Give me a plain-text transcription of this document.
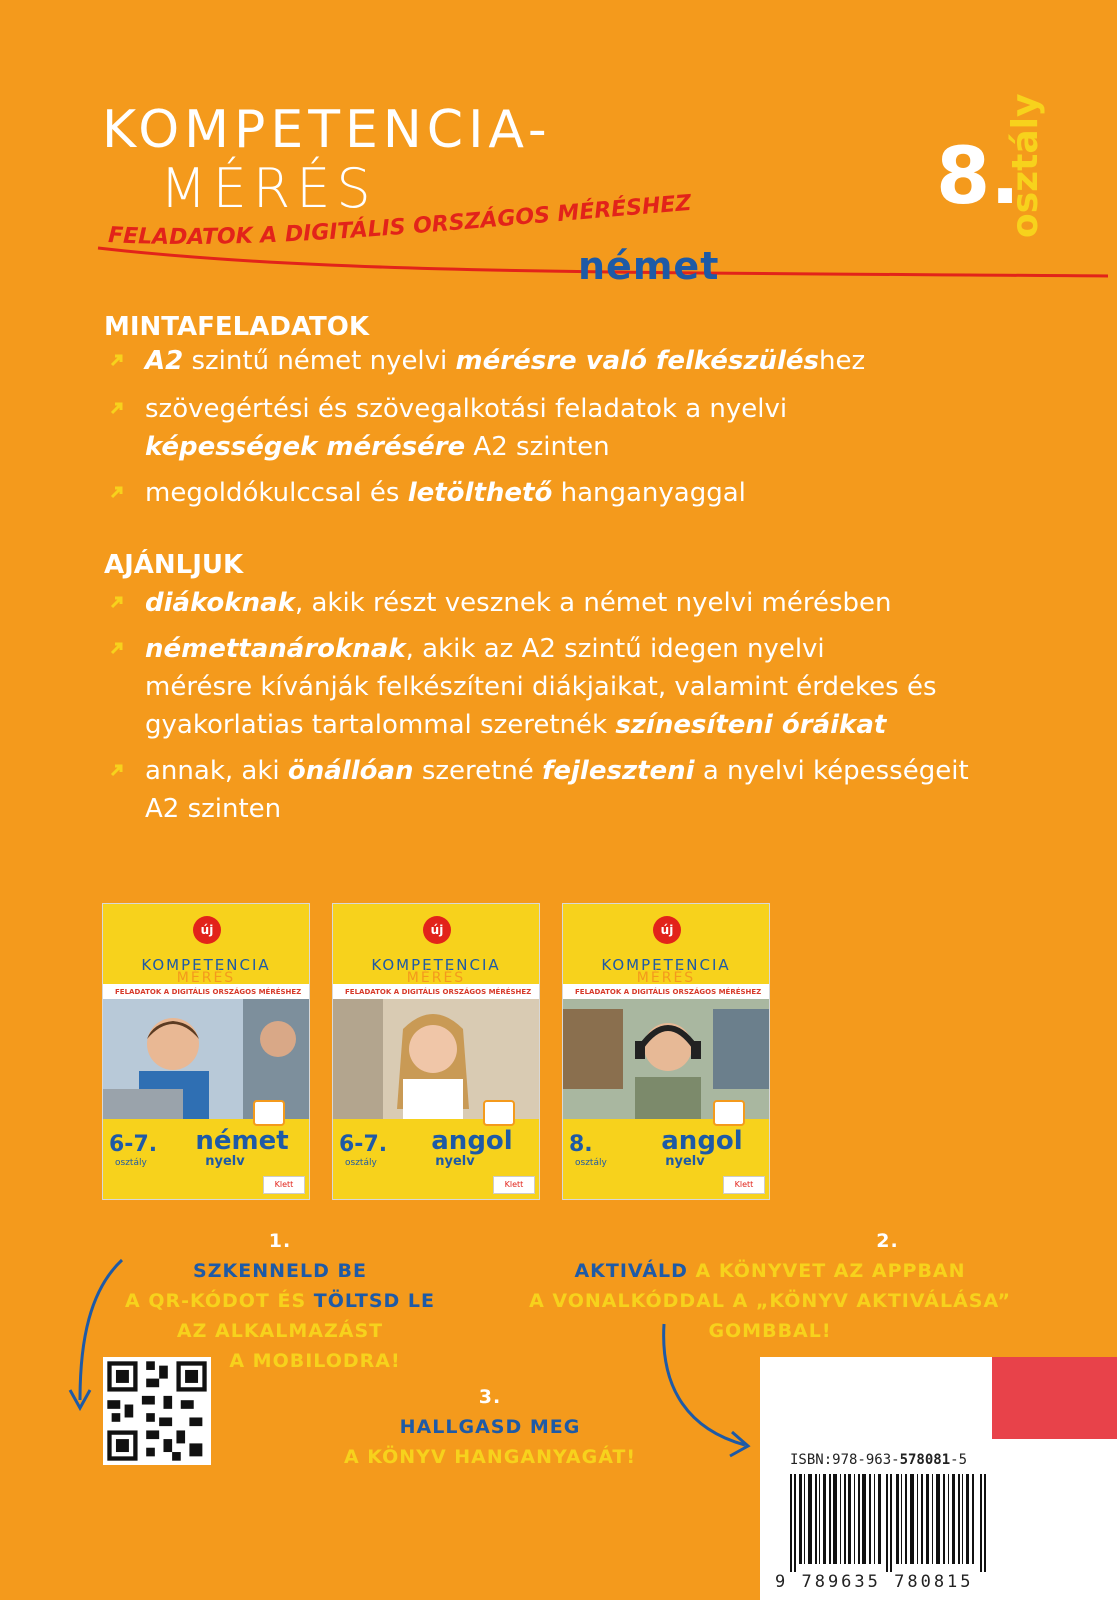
KOMPETENCIA-
MÉRÉS
FELADATOK A DIGITÁLIS ORSZÁGOS MÉRÉSHEZ	8.
osztály
német
MINTAFELADATOK
A2 szintű német nyelvi mérésre való felkészüléshez
szövegértési és szövegalkotási feladatok a nyelvi
képességek mérésére A2 szinten
megoldókulccsal és letölthető hanganyaggal
AJÁNLJUK
diákoknak, akik részt vesznek a német nyelvi mérésben
némettanároknak, akik az A2 szintű idegen nyelvi
mérésre kívánják felkészíteni diákjaikat, valamint érdekes és
gyakorlatias tartalommal szeretnék színesíteni óráikat
annak, aki önállóan szeretné fejleszteni a nyelvi képességeit
A2 szinten
új
KOMPETENCIA
MÉRÉS
FELADATOK A DIGITÁLIS ORSZÁGOS MÉRÉSHEZ
6-7.
osztály
német
nyelv
Klett
új
KOMPETENCIA
MÉRÉS
FELADATOK A DIGITÁLIS ORSZÁGOS MÉRÉSHEZ
6-7.
osztály
angol
nyelv
Klett
új
KOMPETENCIA
MÉRÉS
FELADATOK A DIGITÁLIS ORSZÁGOS MÉRÉSHEZ
8.
osztály
angol
nyelv
Klett
1.
SZKENNELD BE
A QR-KÓDOT ÉS TÖLTSD LE
AZ ALKALMAZÁST
A MOBILODRA!
2.
AKTIVÁLD A KÖNYVET AZ APPBAN
A VONALKÓDDAL A „KÖNYV AKTIVÁLÁSA”
GOMBBAL!
3.
HALLGASD MEG
A KÖNYV HANGANYAGÁT!	ISBN:978-963-578081-5
9 789635 780815
